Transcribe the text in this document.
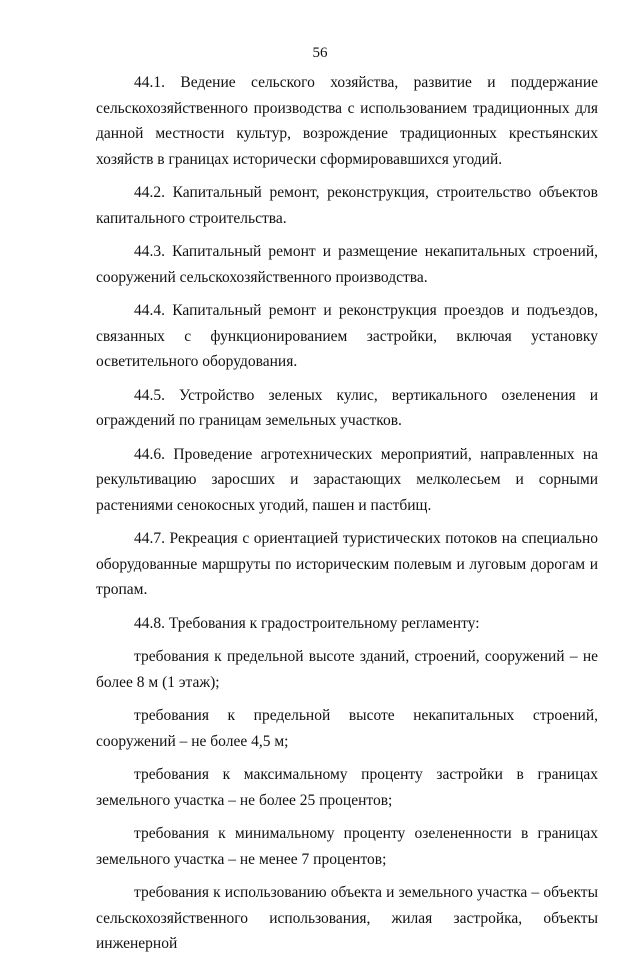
56

44.1. Ведение сельского хозяйства, развитие и поддержание сельскохозяйственного производства с использованием традиционных для данной местности культур, возрождение традиционных крестьянских хозяйств в границах исторически сформировавшихся угодий.

44.2. Капитальный ремонт, реконструкция, строительство объектов капитального строительства.

44.3. Капитальный ремонт и размещение некапитальных строений, сооружений сельскохозяйственного производства.

44.4. Капитальный ремонт и реконструкция проездов и подъездов, связанных с функционированием застройки, включая установку осветительного оборудования.

44.5. Устройство зеленых кулис, вертикального озеленения и ограждений по границам земельных участков.

44.6. Проведение агротехнических мероприятий, направленных на рекультивацию заросших и зарастающих мелколесьем и сорными растениями сенокосных угодий, пашен и пастбищ.

44.7. Рекреация с ориентацией туристических потоков на специально оборудованные маршруты по историческим полевым и луговым дорогам и тропам.

44.8. Требования к градостроительному регламенту:

требования к предельной высоте зданий, строений, сооружений – не более 8 м (1 этаж);

требования к предельной высоте некапитальных строений, сооружений – не более 4,5 м;

требования к максимальному проценту застройки в границах земельного участка – не более 25 процентов;

требования к минимальному проценту озелененности в границах земельного участка – не менее 7 процентов;

требования к использованию объекта и земельного участка – объекты сельскохозяйственного использования, жилая застройка, объекты инженерной
